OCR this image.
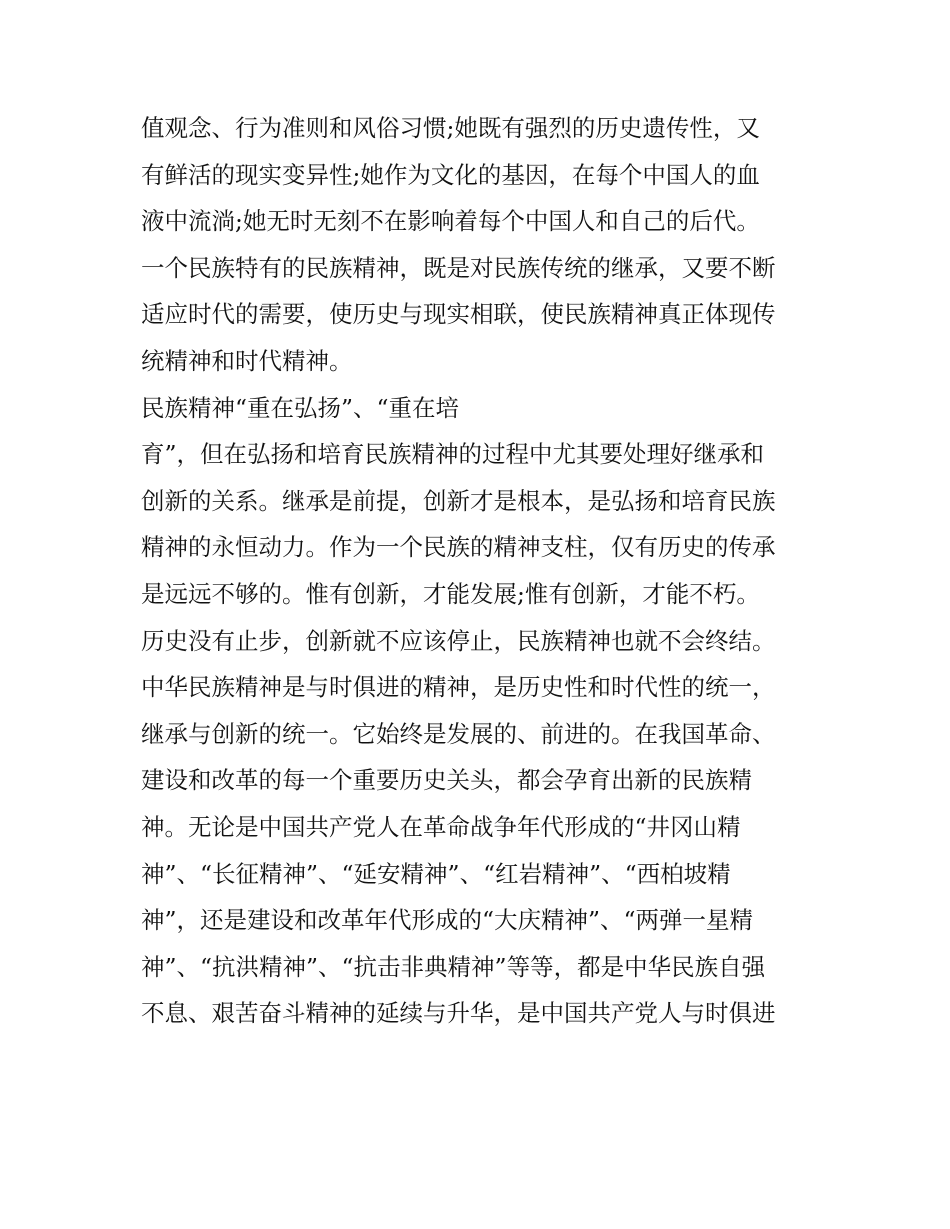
值观念、行为准则和风俗习惯;她既有强烈的历史遗传性，又
有鲜活的现实变异性;她作为文化的基因，在每个中国人的血
液中流淌;她无时无刻不在影响着每个中国人和自己的后代。
一个民族特有的民族精神，既是对民族传统的继承，又要不断
适应时代的需要，使历史与现实相联，使民族精神真正体现传
统精神和时代精神。
民族精神“重在弘扬”、“重在培
育”，但在弘扬和培育民族精神的过程中尤其要处理好继承和
创新的关系。继承是前提，创新才是根本，是弘扬和培育民族
精神的永恒动力。作为一个民族的精神支柱，仅有历史的传承
是远远不够的。惟有创新，才能发展;惟有创新，才能不朽。
历史没有止步，创新就不应该停止，民族精神也就不会终结。
中华民族精神是与时俱进的精神，是历史性和时代性的统一，
继承与创新的统一。它始终是发展的、前进的。在我国革命、
建设和改革的每一个重要历史关头，都会孕育出新的民族精
神。无论是中国共产党人在革命战争年代形成的“井冈山精
神”、“长征精神”、“延安精神”、“红岩精神”、“西柏坡精
神”，还是建设和改革年代形成的“大庆精神”、“两弹一星精
神”、“抗洪精神”、“抗击非典精神”等等，都是中华民族自强
不息、艰苦奋斗精神的延续与升华，是中国共产党人与时俱进
